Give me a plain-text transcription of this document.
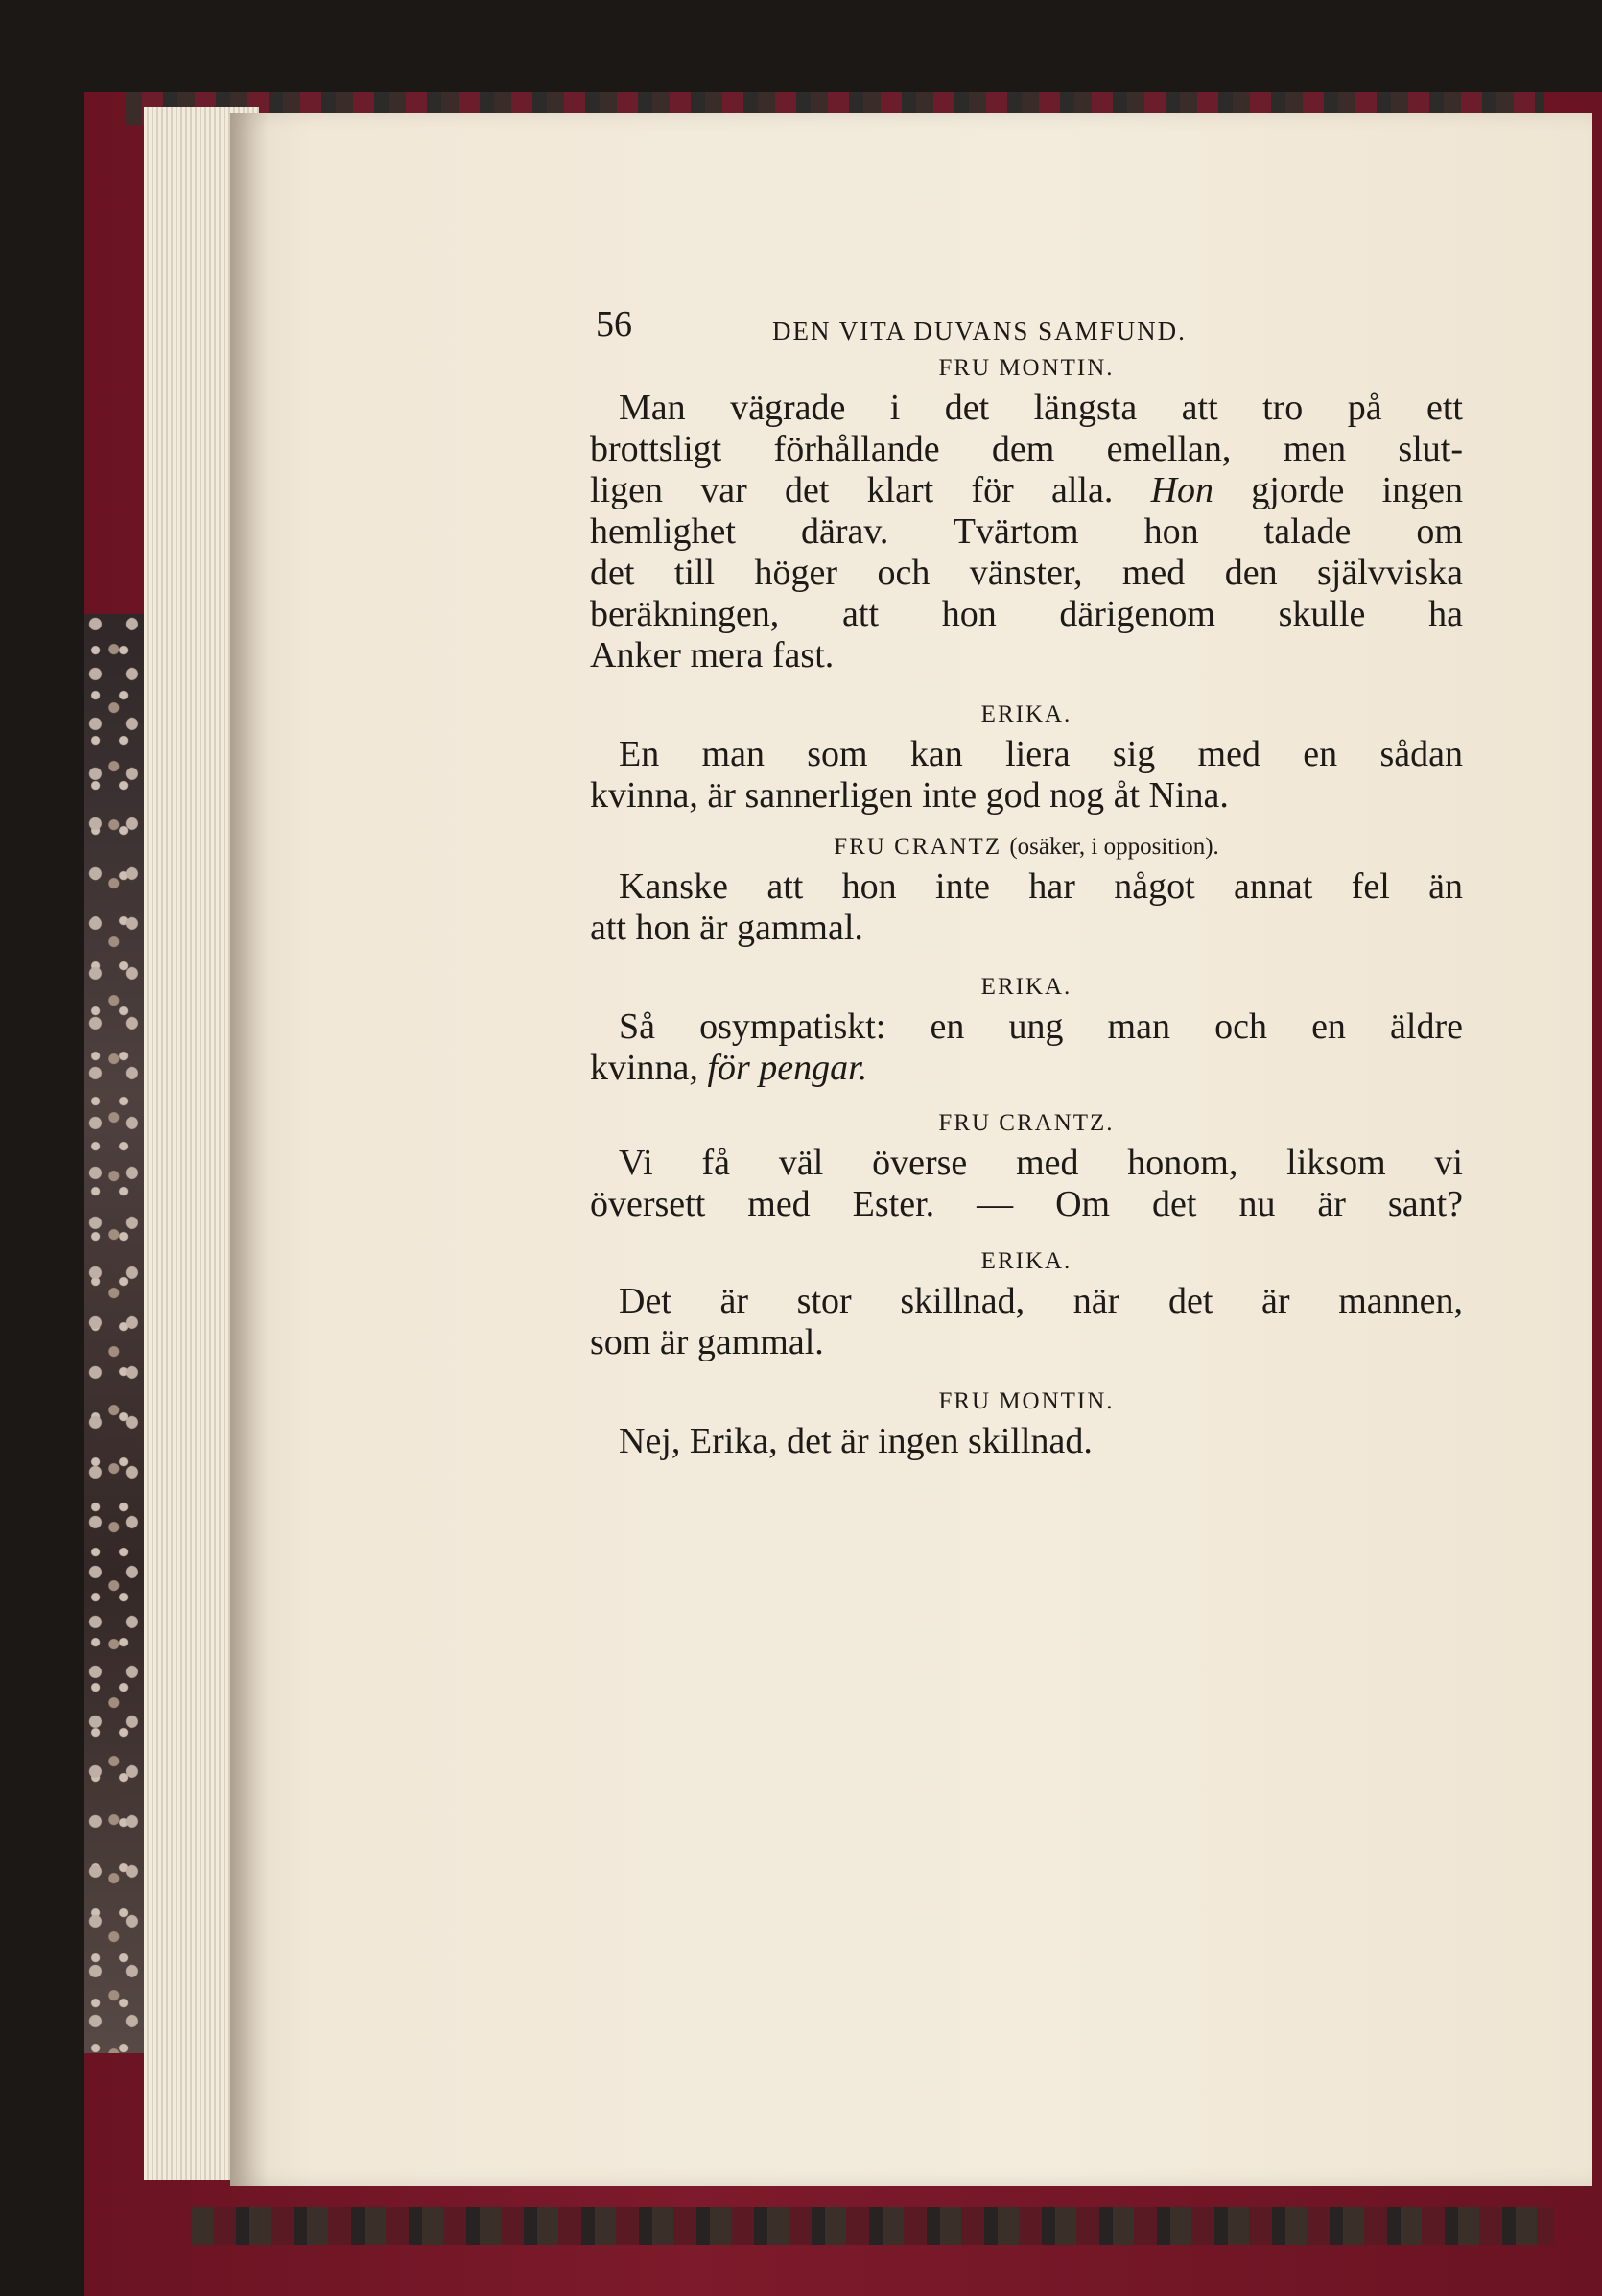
56	DEN VITA DUVANS SAMFUND.

FRU MONTIN.

Man vägrade i det längsta att tro på ett
brottsligt förhållande dem emellan, men slut-
ligen var det klart för alla. Hon gjorde ingen
hemlighet därav. Tvärtom hon talade om
det till höger och vänster, med den självviska
beräkningen, att hon därigenom skulle ha
Anker mera fast.

ERIKA.

En man som kan liera sig med en sådan
kvinna, är sannerligen inte god nog åt Nina.

FRU CRANTZ (osäker, i opposition).

Kanske att hon inte har något annat fel än
att hon är gammal.

ERIKA.

Så osympatiskt: en ung man och en äldre
kvinna, för pengar.

FRU CRANTZ.

Vi få väl överse med honom, liksom vi
översett med Ester. — Om det nu är sant?

ERIKA.

Det är stor skillnad, när det är mannen,
som är gammal.

FRU MONTIN.

Nej, Erika, det är ingen skillnad.
